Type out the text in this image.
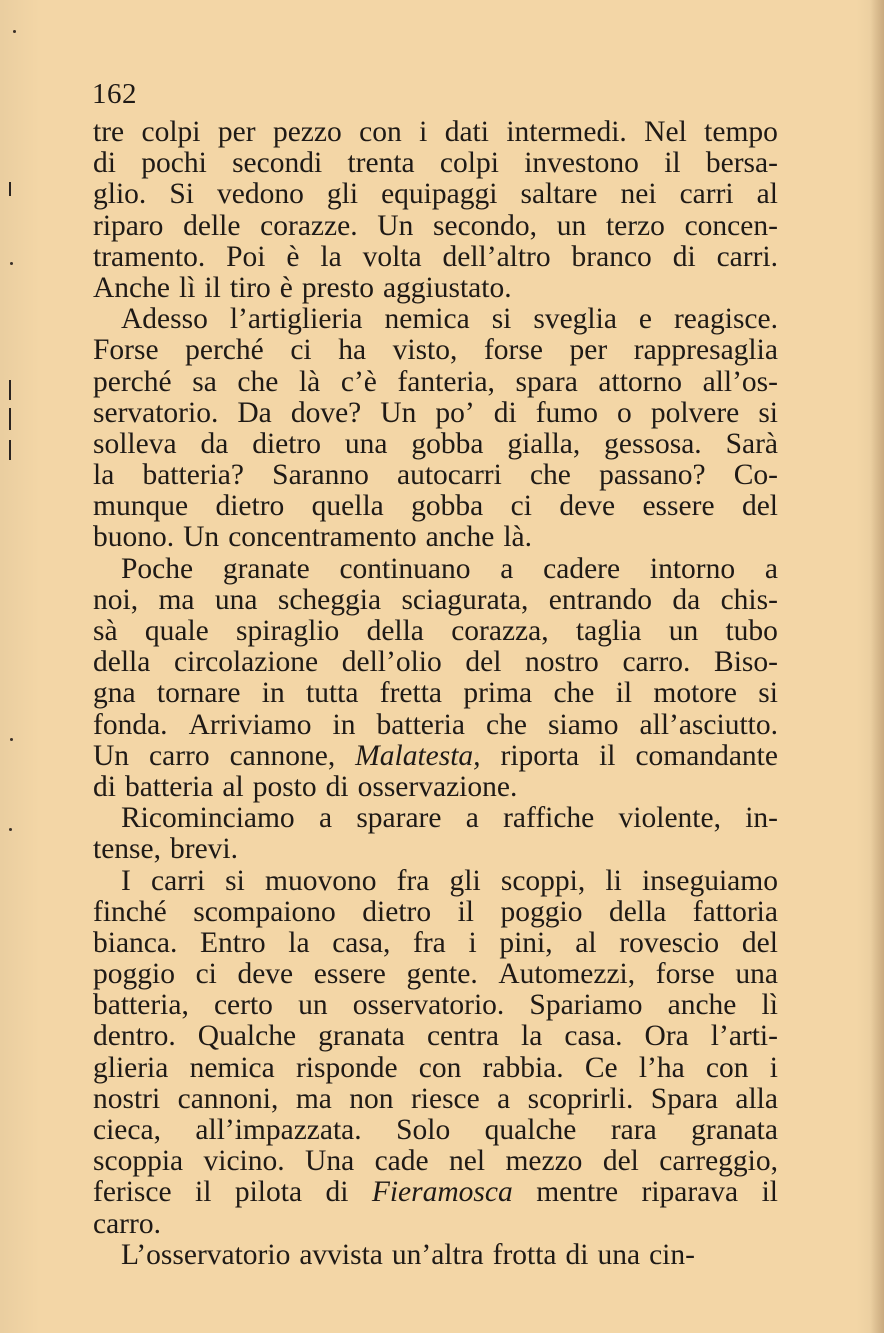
162
tre colpi per pezzo con i dati intermedi. Nel tempo
di pochi secondi trenta colpi investono il bersa-
glio. Si vedono gli equipaggi saltare nei carri al
riparo delle corazze. Un secondo, un terzo concen-
tramento. Poi è la volta dell’altro branco di carri.
Anche lì il tiro è presto aggiustato.
Adesso l’artiglieria nemica si sveglia e reagisce.
Forse perché ci ha visto, forse per rappresaglia
perché sa che là c’è fanteria, spara attorno all’os-
servatorio. Da dove? Un po’ di fumo o polvere si
solleva da dietro una gobba gialla, gessosa. Sarà
la batteria? Saranno autocarri che passano? Co-
munque dietro quella gobba ci deve essere del
buono. Un concentramento anche là.
Poche granate continuano a cadere intorno a
noi, ma una scheggia sciagurata, entrando da chis-
sà quale spiraglio della corazza, taglia un tubo
della circolazione dell’olio del nostro carro. Biso-
gna tornare in tutta fretta prima che il motore si
fonda. Arriviamo in batteria che siamo all’asciutto.
Un carro cannone, Malatesta, riporta il comandante
di batteria al posto di osservazione.
Ricominciamo a sparare a raffiche violente, in-
tense, brevi.
I carri si muovono fra gli scoppi, li inseguiamo
finché scompaiono dietro il poggio della fattoria
bianca. Entro la casa, fra i pini, al rovescio del
poggio ci deve essere gente. Automezzi, forse una
batteria, certo un osservatorio. Spariamo anche lì
dentro. Qualche granata centra la casa. Ora l’arti-
glieria nemica risponde con rabbia. Ce l’ha con i
nostri cannoni, ma non riesce a scoprirli. Spara alla
cieca, all’impazzata. Solo qualche rara granata
scoppia vicino. Una cade nel mezzo del carreggio,
ferisce il pilota di Fieramosca mentre riparava il
carro.
L’osservatorio avvista un’altra frotta di una cin-
